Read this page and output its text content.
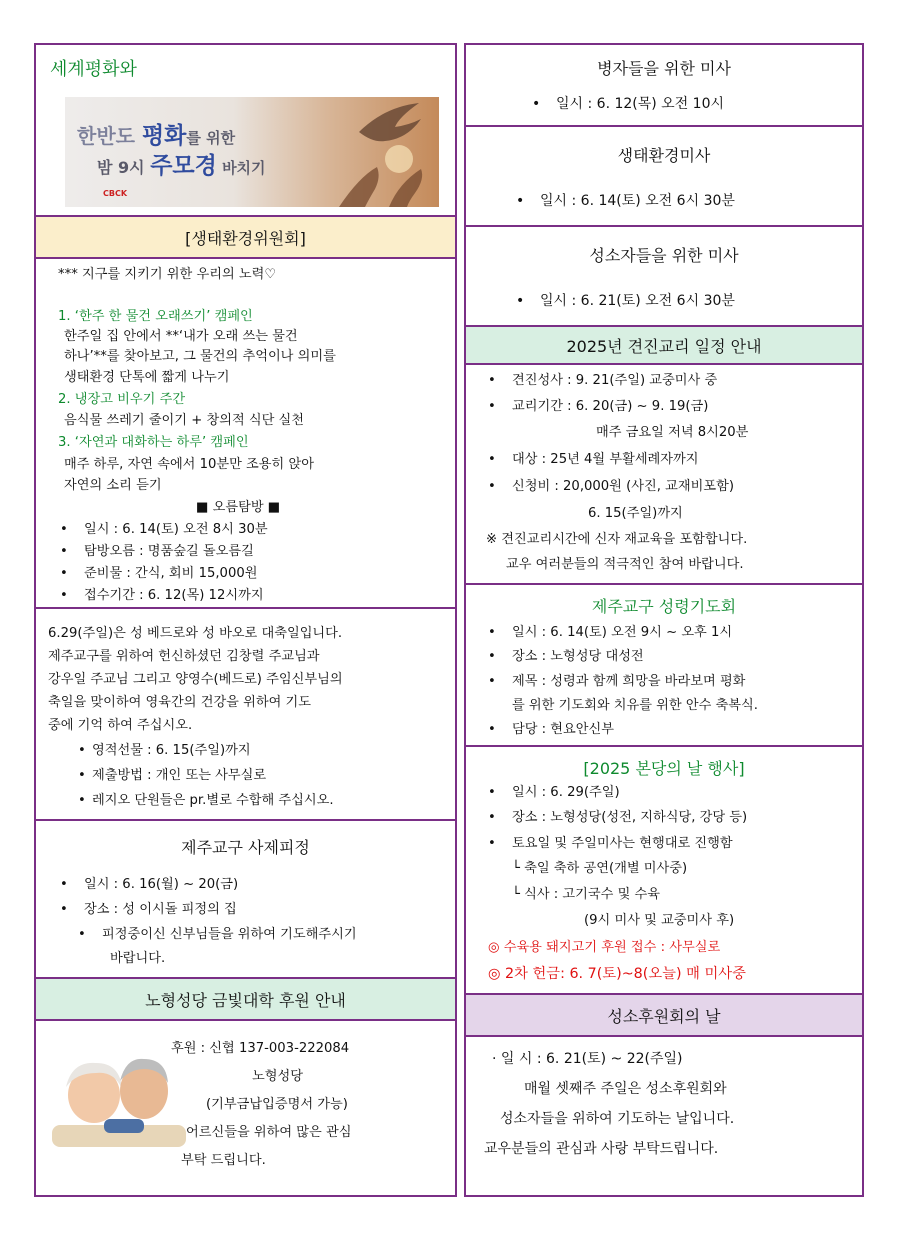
세계평화와
한반도 평화를 위한
밤 9시 주모경 바치기
CBCK
[생태환경위원회]
*** 지구를 지키기 위한 우리의 노력♡
1. ‘한주 한 물건 오래쓰기’ 캠페인
한주일 집 안에서 **‘내가 오래 쓰는 물건
하나’**를 찾아보고, 그 물건의 추억이나 의미를
생태환경 단톡에 짧게 나누기
2. 냉장고 비우기 주간
음식물 쓰레기 줄이기 + 창의적 식단 실천
3. ‘자연과 대화하는 하루’ 캠페인
매주 하루, 자연 속에서 10분만 조용히 앉아
자연의 소리 듣기
■ 오름탐방 ■
• 일시 : 6. 14(토) 오전 8시 30분
• 탐방오름 : 명품숲길 돌오름길
• 준비물 : 간식, 회비 15,000원
• 접수기간 : 6. 12(목) 12시까지
6.29(주일)은 성 베드로와 성 바오로 대축일입니다.
제주교구를 위하여 헌신하셨던 김창렬 주교님과
강우일 주교님 그리고 양영수(베드로) 주임신부님의
축일을 맞이하여 영육간의 건강을 위하여 기도
중에 기억 하여 주십시오.
• 영적선물 : 6. 15(주일)까지
• 제출방법 : 개인 또는 사무실로
• 레지오 단원들은 pr.별로 수합해 주십시오.
제주교구 사제피정
• 일시 : 6. 16(월) ~ 20(금)
• 장소 : 성 이시돌 피정의 집
• 피정중이신 신부님들을 위하여 기도해주시기
바랍니다.
노형성당 금빛대학 후원 안내
후원 : 신협 137-003-222084
노형성당
(기부금납입증명서 가능)
어르신들을 위하여 많은 관심
부탁 드립니다.
병자들을 위한 미사
• 일시 : 6. 12(목) 오전 10시
생태환경미사
• 일시 : 6. 14(토) 오전 6시 30분
성소자들을 위한 미사
• 일시 : 6. 21(토) 오전 6시 30분
2025년 견진교리 일정 안내
• 견진성사 : 9. 21(주일) 교중미사 중
• 교리기간 : 6. 20(금) ~ 9. 19(금)
매주 금요일 저녁 8시20분
• 대상 : 25년 4월 부활세례자까지
• 신청비 : 20,000원 (사진, 교재비포함)
6. 15(주일)까지
※ 견진교리시간에 신자 재교육을 포함합니다.
교우 여러분들의 적극적인 참여 바랍니다.
제주교구 성령기도회
• 일시 : 6. 14(토) 오전 9시 ~ 오후 1시
• 장소 : 노형성당 대성전
• 제목 : 성령과 함께 희망을 바라보며 평화
를 위한 기도회와 치유를 위한 안수 축복식.
• 담당 : 현요안신부
[2025 본당의 날 행사]
• 일시 : 6. 29(주일)
• 장소 : 노형성당(성전, 지하식당, 강당 등)
• 토요일 및 주일미사는 현행대로 진행함
└ 축일 축하 공연(개별 미사중)
└ 식사 : 고기국수 및 수육
(9시 미사 및 교중미사 후)
◎ 수육용 돼지고기 후원 접수 : 사무실로
◎ 2차 헌금: 6. 7(토)~8(오늘) 매 미사중
성소후원회의 날
· 일 시 : 6. 21(토) ~ 22(주일)
매월 셋째주 주일은 성소후원회와
성소자들을 위하여 기도하는 날입니다.
교우분들의 관심과 사랑 부탁드립니다.
